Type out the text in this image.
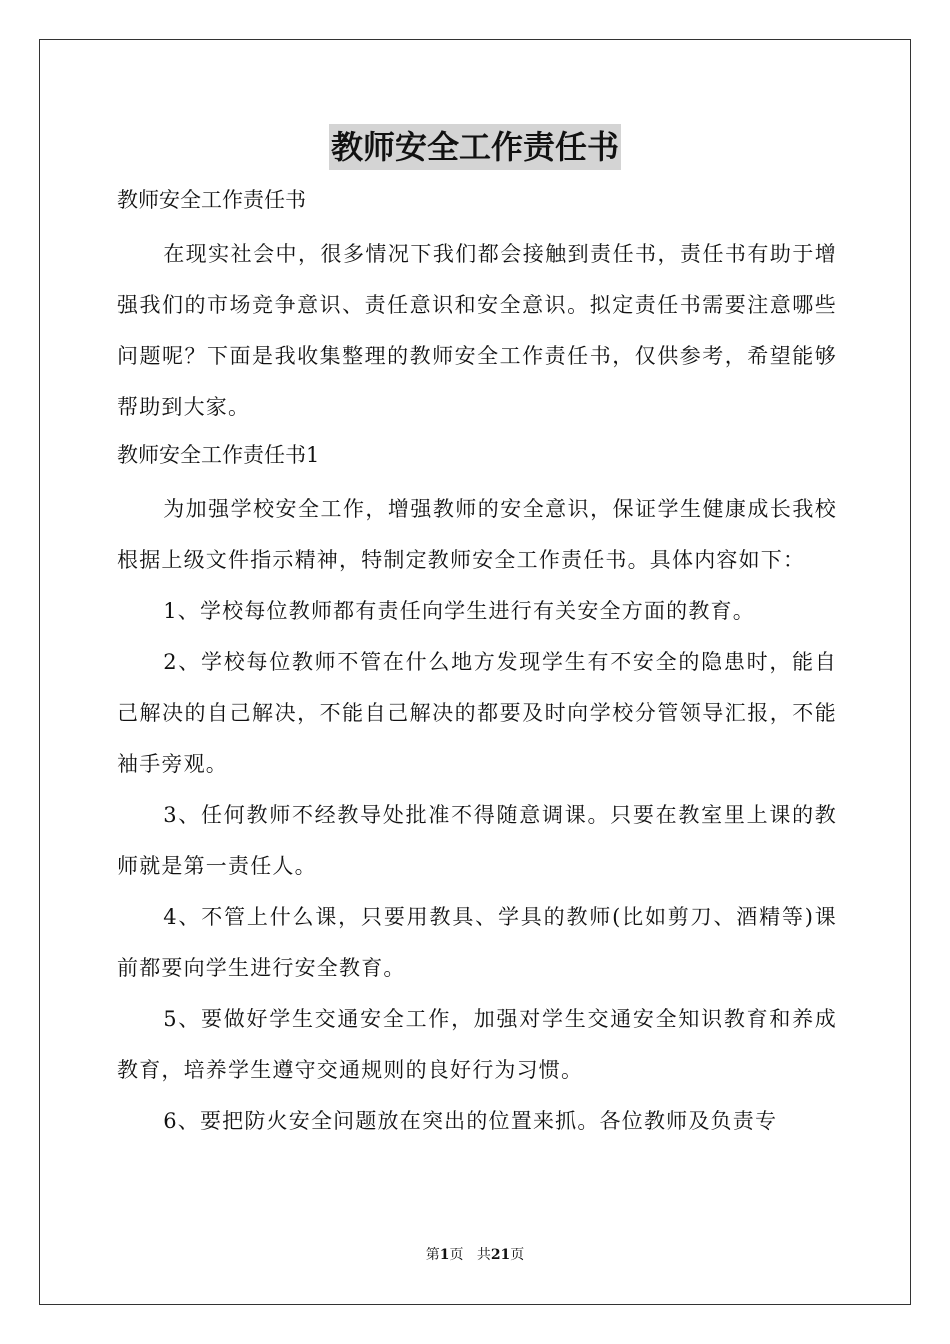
教师安全工作责任书
教师安全工作责任书

在现实社会中，很多情况下我们都会接触到责任书，责任书有助于增强我们的市场竞争意识、责任意识和安全意识。拟定责任书需要注意哪些问题呢？下面是我收集整理的教师安全工作责任书，仅供参考，希望能够帮助到大家。

教师安全工作责任书1

为加强学校安全工作，增强教师的安全意识，保证学生健康成长我校根据上级文件指示精神，特制定教师安全工作责任书。具体内容如下：

1、学校每位教师都有责任向学生进行有关安全方面的教育。

2、学校每位教师不管在什么地方发现学生有不安全的隐患时，能自己解决的自己解决，不能自己解决的都要及时向学校分管领导汇报，不能袖手旁观。

3、任何教师不经教导处批准不得随意调课。只要在教室里上课的教师就是第一责任人。

4、不管上什么课，只要用教具、学具的教师(比如剪刀、酒精等)课前都要向学生进行安全教育。

5、要做好学生交通安全工作，加强对学生交通安全知识教育和养成教育，培养学生遵守交通规则的良好行为习惯。

6、要把防火安全问题放在突出的位置来抓。各位教师及负责专

第1页 共21页
